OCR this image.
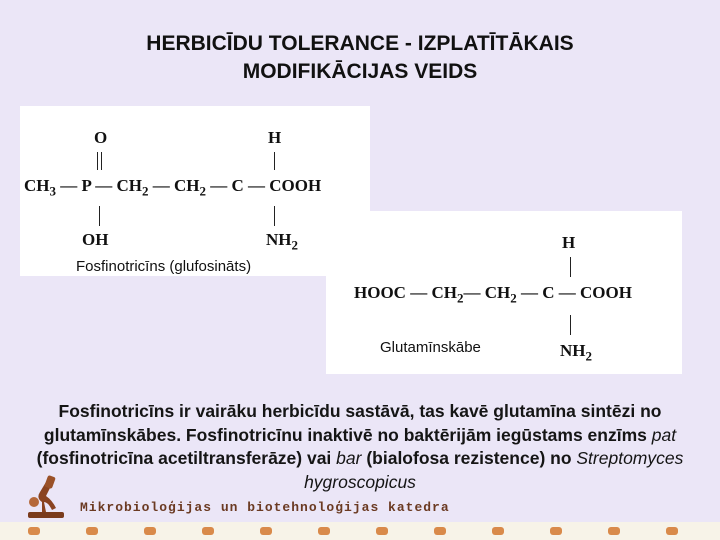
HERBICĪDU TOLERANCE - IZPLATĪTĀKAIS
MODIFIKĀCIJAS VEIDS
O	H
$CH_3$ — P — $CH_2$ — $CH_2$ — C — COOH
OH	$NH_2$
Fosfinotricīns (glufosināts)
H
HOOC — $CH_2—$ $CH_2$ — C — COOH
Glutamīnskābe	$NH_2$
Fosfinotricīns ir vairāku herbicīdu sastāvā, tas kavē glutamīna sintēzi no glutamīnskābes. Fosfinotricīnu inaktivē no baktērijām iegūstams enzīms pat (fosfinotricīna acetiltransferāze) vai bar (bialofosa rezistence) no Streptomyces hygroscopicus
Mikrobioloģijas un biotehnoloģijas katedra
